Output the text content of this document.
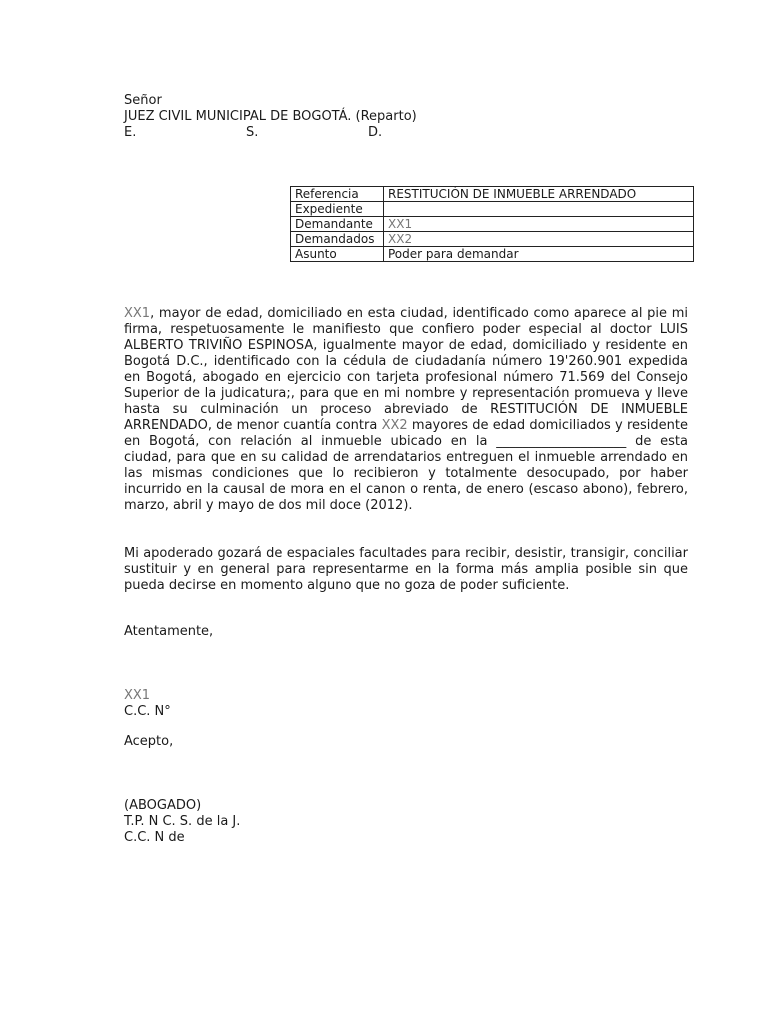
Señor
JUEZ CIVIL MUNICIPAL DE BOGOTÁ. (Reparto)
E.	S.	D.
Referencia	RESTITUCIÓN DE INMUEBLE ARRENDADO
Expediente	
Demandante	XX1
Demandados	XX2
Asunto	Poder para demandar

XX1, mayor de edad, domiciliado en esta ciudad, identificado como aparece al pie mi firma, respetuosamente le manifiesto que confiero poder especial al doctor LUIS ALBERTO TRIVIÑO ESPINOSA, igualmente mayor de edad, domiciliado y residente en Bogotá D.C., identificado con la cédula de ciudadanía número 19'260.901 expedida en Bogotá, abogado en ejercicio con tarjeta profesional número 71.569 del Consejo Superior de la judicatura;, para que en mi nombre y representación promueva y lleve hasta su culminación un proceso abreviado de RESTITUCIÓN DE INMUEBLE ARRENDADO, de menor cuantía contra XX2 mayores de edad domiciliados y residente en Bogotá, con relación al inmueble ubicado en la ____________________ de esta ciudad, para que en su calidad de arrendatarios entreguen el inmueble arrendado en las mismas condiciones que lo recibieron y totalmente desocupado, por haber incurrido en la causal de mora en el canon o renta, de enero (escaso abono), febrero, marzo, abril y mayo de dos mil doce (2012).

Mi apoderado gozará de espaciales facultades para recibir, desistir, transigir, conciliar sustituir y en general para representarme en la forma más amplia posible sin que pueda decirse en momento alguno que no goza de poder suficiente.

Atentamente,
XX1
C.C. N°
Acepto,
(ABOGADO)
T.P. N C. S. de la J.
C.C. N de
